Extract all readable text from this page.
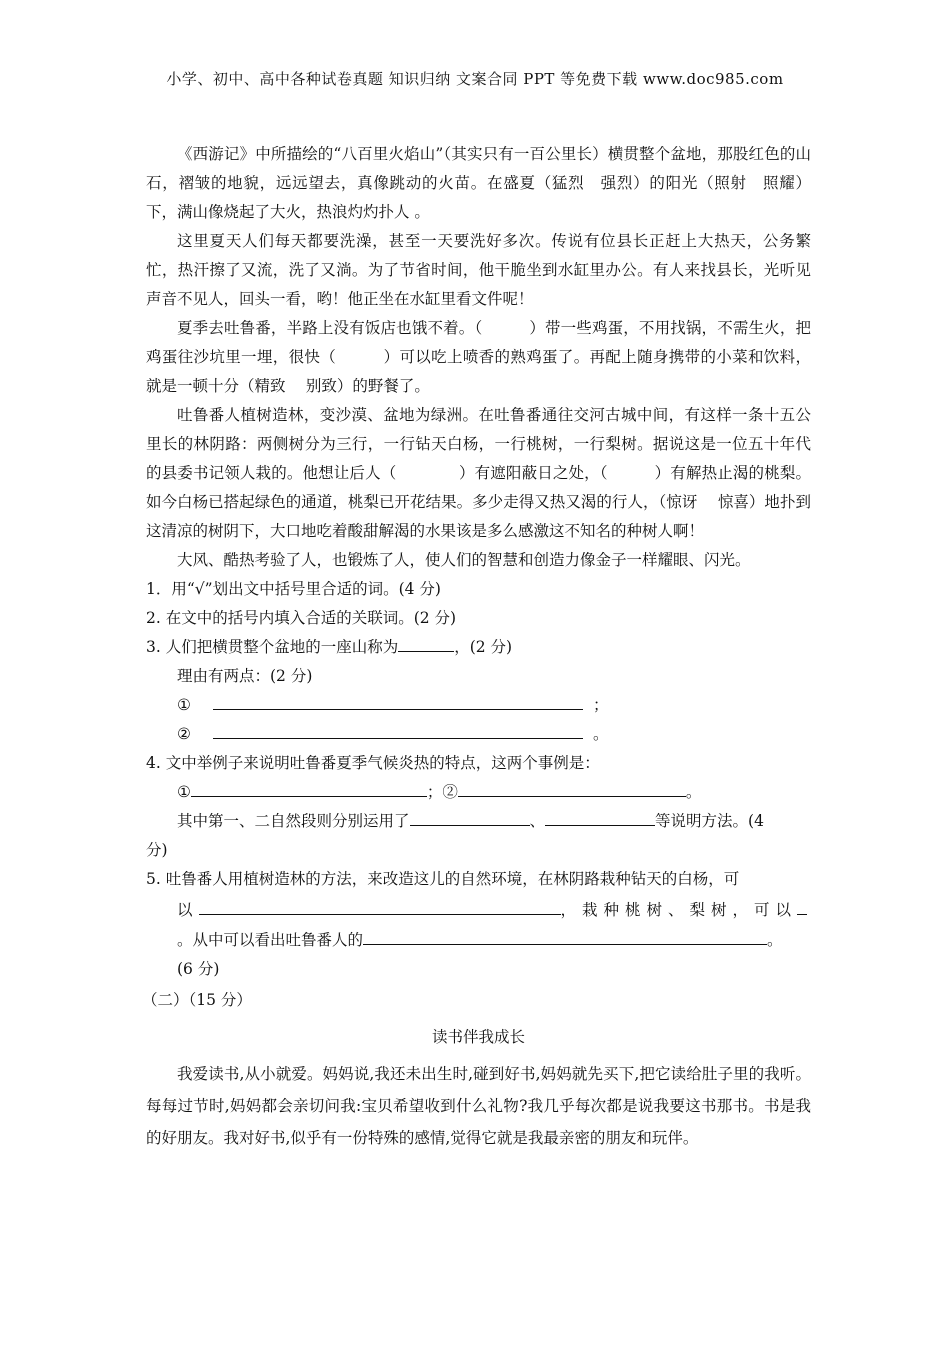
小学、初中、高中各种试卷真题 知识归纳 文案合同 PPT 等免费下载 www.doc985.com

《西游记》中所描绘的“八百里火焰山”（其实只有一百公里长）横贯整个盆地，那股红色的山石，褶皱的地貌，远远望去，真像跳动的火苗。在盛夏（猛烈　强烈）的阳光（照射　照耀）下，满山像烧起了大火，热浪灼灼扑人 。

这里夏天人们每天都要洗澡，甚至一天要洗好多次。传说有位县长正赶上大热天，公务繁忙，热汗擦了又流，洗了又淌。为了节省时间，他干脆坐到水缸里办公。有人来找县长，光听见声音不见人，回头一看，哟！他正坐在水缸里看文件呢！

夏季去吐鲁番，半路上没有饭店也饿不着。（　　　）带一些鸡蛋，不用找锅，不需生火，把鸡蛋往沙坑里一埋，很快（　　　）可以吃上喷香的熟鸡蛋了。再配上随身携带的小菜和饮料，就是一顿十分（精致　 别致）的野餐了。

吐鲁番人植树造林，变沙漠、盆地为绿洲。在吐鲁番通往交河古城中间，有这样一条十五公里长的林阴路：两侧树分为三行，一行钻天白杨，一行桃树，一行梨树。据说这是一位五十年代的县委书记领人栽的。他想让后人（　　　　）有遮阳蔽日之处，（　　　）有解热止渴的桃梨。如今白杨已搭起绿色的通道，桃梨已开花结果。多少走得又热又渴的行人，（惊讶　 惊喜）地扑到这清凉的树阴下，大口地吃着酸甜解渴的水果该是多么感激这不知名的种树人啊！

大风、酷热考验了人，也锻炼了人，使人们的智慧和创造力像金子一样耀眼、闪光。

1．用“√”划出文中括号里合适的词。(4 分)
2. 在文中的括号内填入合适的关联词。(2 分)
3. 人们把横贯整个盆地的一座山称为	，(2 分)
理由有两点：(2 分)
①	；
②	。
4. 文中举例子来说明吐鲁番夏季气候炎热的特点，这两个事例是：
①	；②	。
其中第一、二自然段则分别运用了	、	等说明方法。(4
分)
5. 吐鲁番人用植树造林的方法，来改造这儿的自然环境，在林阴路栽种钻天的白杨，可
以	，栽种桃树、梨树，可以
。从中可以看出吐鲁番人的	。
(6 分)
（二）（15 分）
读书伴我成长

我爱读书,从小就爱。妈妈说,我还未出生时,碰到好书,妈妈就先买下,把它读给肚子里的我听。每每过节时,妈妈都会亲切问我:宝贝希望收到什么礼物?我几乎每次都是说我要这书那书。书是我的好朋友。我对好书,似乎有一份特殊的感情,觉得它就是我最亲密的朋友和玩伴。
